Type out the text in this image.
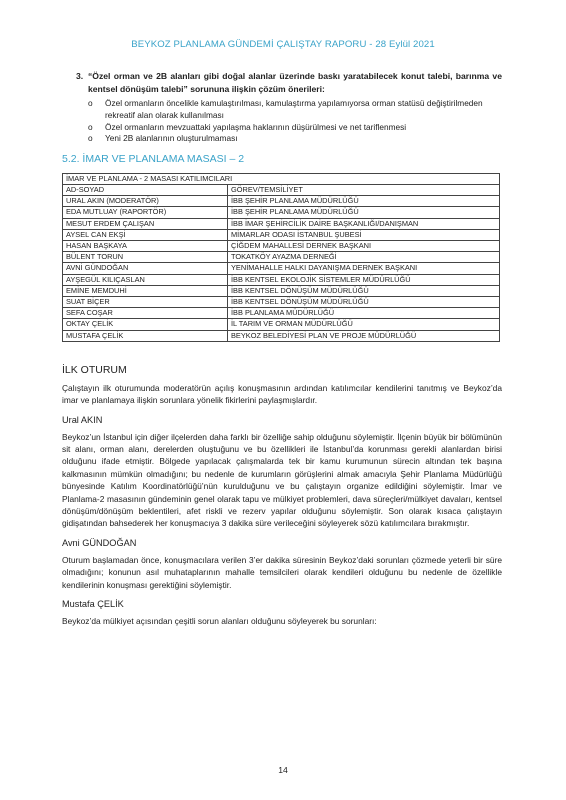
BEYKOZ PLANLAMA GÜNDEMİ ÇALIŞTAY RAPORU - 28 Eylül 2021
3. “Özel orman ve 2B alanları gibi doğal alanlar üzerinde baskı yaratabilecek konut talebi, barınma ve kentsel dönüşüm talebi” sorununa ilişkin çözüm önerileri:
o Özel ormanların öncelikle kamulaştırılması, kamulaştırma yapılamıyorsa orman statüsü değiştirilmeden rekreatif alan olarak kullanılması
o Özel ormanların mevzuattaki yapılaşma haklarının düşürülmesi ve net tariflenmesi
o Yeni 2B alanlarının oluşturulmaması
5.2. İMAR VE PLANLAMA MASASI – 2
İMAR VE PLANLAMA - 2 MASASI KATILIMCILARI	
AD-SOYAD	GÖREV/TEMSİLİYET
URAL AKIN (MODERATÖR)	İBB ŞEHİR PLANLAMA MÜDÜRLÜĞÜ
EDA MUTLUAY (RAPORTÖR)	İBB ŞEHİR PLANLAMA MÜDÜRLÜĞÜ
MESUT ERDEM ÇALIŞAN	İBB İMAR ŞEHİRCİLİK DAİRE BAŞKANLIĞI/DANIŞMAN
AYSEL CAN EKŞİ	MİMARLAR ODASI İSTANBUL ŞUBESİ
HASAN BAŞKAYA	ÇİĞDEM MAHALLESİ DERNEK BAŞKANI
BÜLENT TORUN	TOKATKÖY AYAZMA DERNEĞİ
AVNİ GÜNDOĞAN	YENİMAHALLE HALKI DAYANIŞMA DERNEK BAŞKANI
AYŞEGÜL KILIÇASLAN	İBB KENTSEL EKOLOJİK SİSTEMLER MÜDÜRLÜĞÜ
EMİNE MEMDUHİ	İBB KENTSEL DÖNÜŞÜM MÜDÜRLÜĞÜ
SUAT BİÇER	İBB KENTSEL DÖNÜŞÜM MÜDÜRLÜĞÜ
SEFA COŞAR	İBB PLANLAMA MÜDÜRLÜĞÜ
OKTAY ÇELİK	İL TARIM VE ORMAN MÜDÜRLÜĞÜ
MUSTAFA ÇELİK	BEYKOZ BELEDİYESİ PLAN VE PROJE MÜDÜRLÜĞÜ
İLK OTURUM

Çalıştayın ilk oturumunda moderatörün açılış konuşmasının ardından katılımcılar kendilerini tanıtmış ve Beykoz’da imar ve planlamaya ilişkin sorunlara yönelik fikirlerini paylaşmışlardır.

Ural AKIN

Beykoz’un İstanbul için diğer ilçelerden daha farklı bir özelliğe sahip olduğunu söylemiştir. İlçenin büyük bir bölümünün sit alanı, orman alanı, derelerden oluştuğunu ve bu özellikleri ile İstanbul’da korunması gerekli alanlardan birisi olduğunu ifade etmiştir. Bölgede yapılacak çalışmalarda tek bir kamu kurumunun sürecin altından tek başına kalkmasının mümkün olmadığını; bu nedenle de kurumların görüşlerini almak amacıyla Şehir Planlama Müdürlüğü bünyesinde Katılım Koordinatörlüğü’nün kurulduğunu ve bu çalıştayın organize edildiğini söylemiştir. İmar ve Planlama-2 masasının gündeminin genel olarak tapu ve mülkiyet problemleri, dava süreçleri/mülkiyet davaları, kentsel dönüşüm/dönüşüm beklentileri, afet riskli ve rezerv yapılar olduğunu söylemiştir. Son olarak kısaca çalıştayın gidişatından bahsederek her konuşmacıya 3 dakika süre verileceğini söyleyerek sözü katılımcılara bırakmıştır.

Avni GÜNDOĞAN

Oturum başlamadan önce, konuşmacılara verilen 3’er dakika süresinin Beykoz’daki sorunları çözmede yeterli bir süre olmadığını; konunun asıl muhataplarının mahalle temsilcileri olarak kendileri olduğunu bu nedenle de özellikle kendilerinin konuşması gerektiğini söylemiştir.

Mustafa ÇELİK

Beykoz’da mülkiyet açısından çeşitli sorun alanları olduğunu söyleyerek bu sorunları:

14
